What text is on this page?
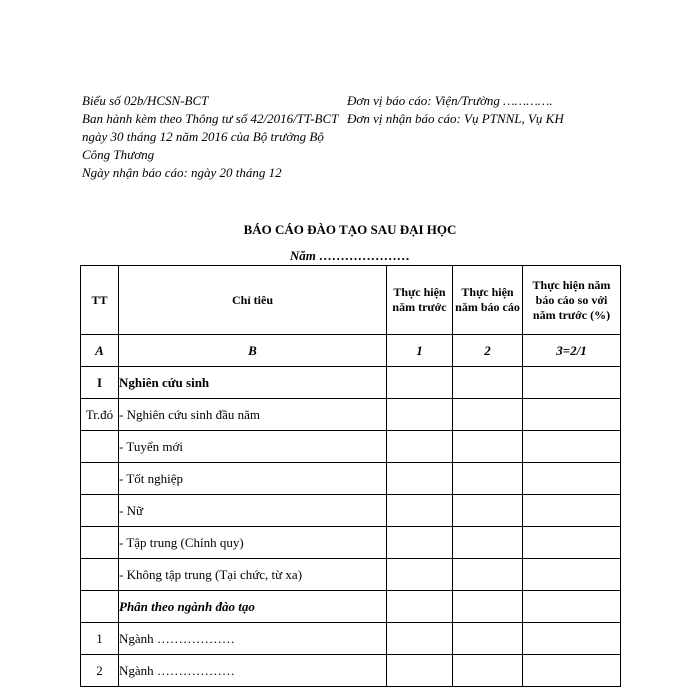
Biểu số 02b/HCSN-BCT
Ban hành kèm theo Thông tư số 42/2016/TT-BCT ngày 30 tháng 12 năm 2016 của Bộ trưởng Bộ Công Thương
Ngày nhận báo cáo: ngày 20 tháng 12
Đơn vị báo cáo: Viện/Trường ………….
Đơn vị nhận báo cáo: Vụ PTNNL, Vụ KH
BÁO CÁO ĐÀO TẠO SAU ĐẠI HỌC
Năm …………………
TT	Chỉ tiêu	Thực hiện năm trước	Thực hiện năm báo cáo	Thực hiện năm báo cáo so với năm trước (%)
A	B	1	2	3=2/1
I	Nghiên cứu sinh			
Tr.đó	- Nghiên cứu sinh đầu năm			
	- Tuyển mới			
	- Tốt nghiệp			
	- Nữ			
	- Tập trung (Chính quy)			
	- Không tập trung (Tại chức, từ xa)			
	Phân theo ngành đào tạo			
1	Ngành ………………			
2	Ngành ………………			
